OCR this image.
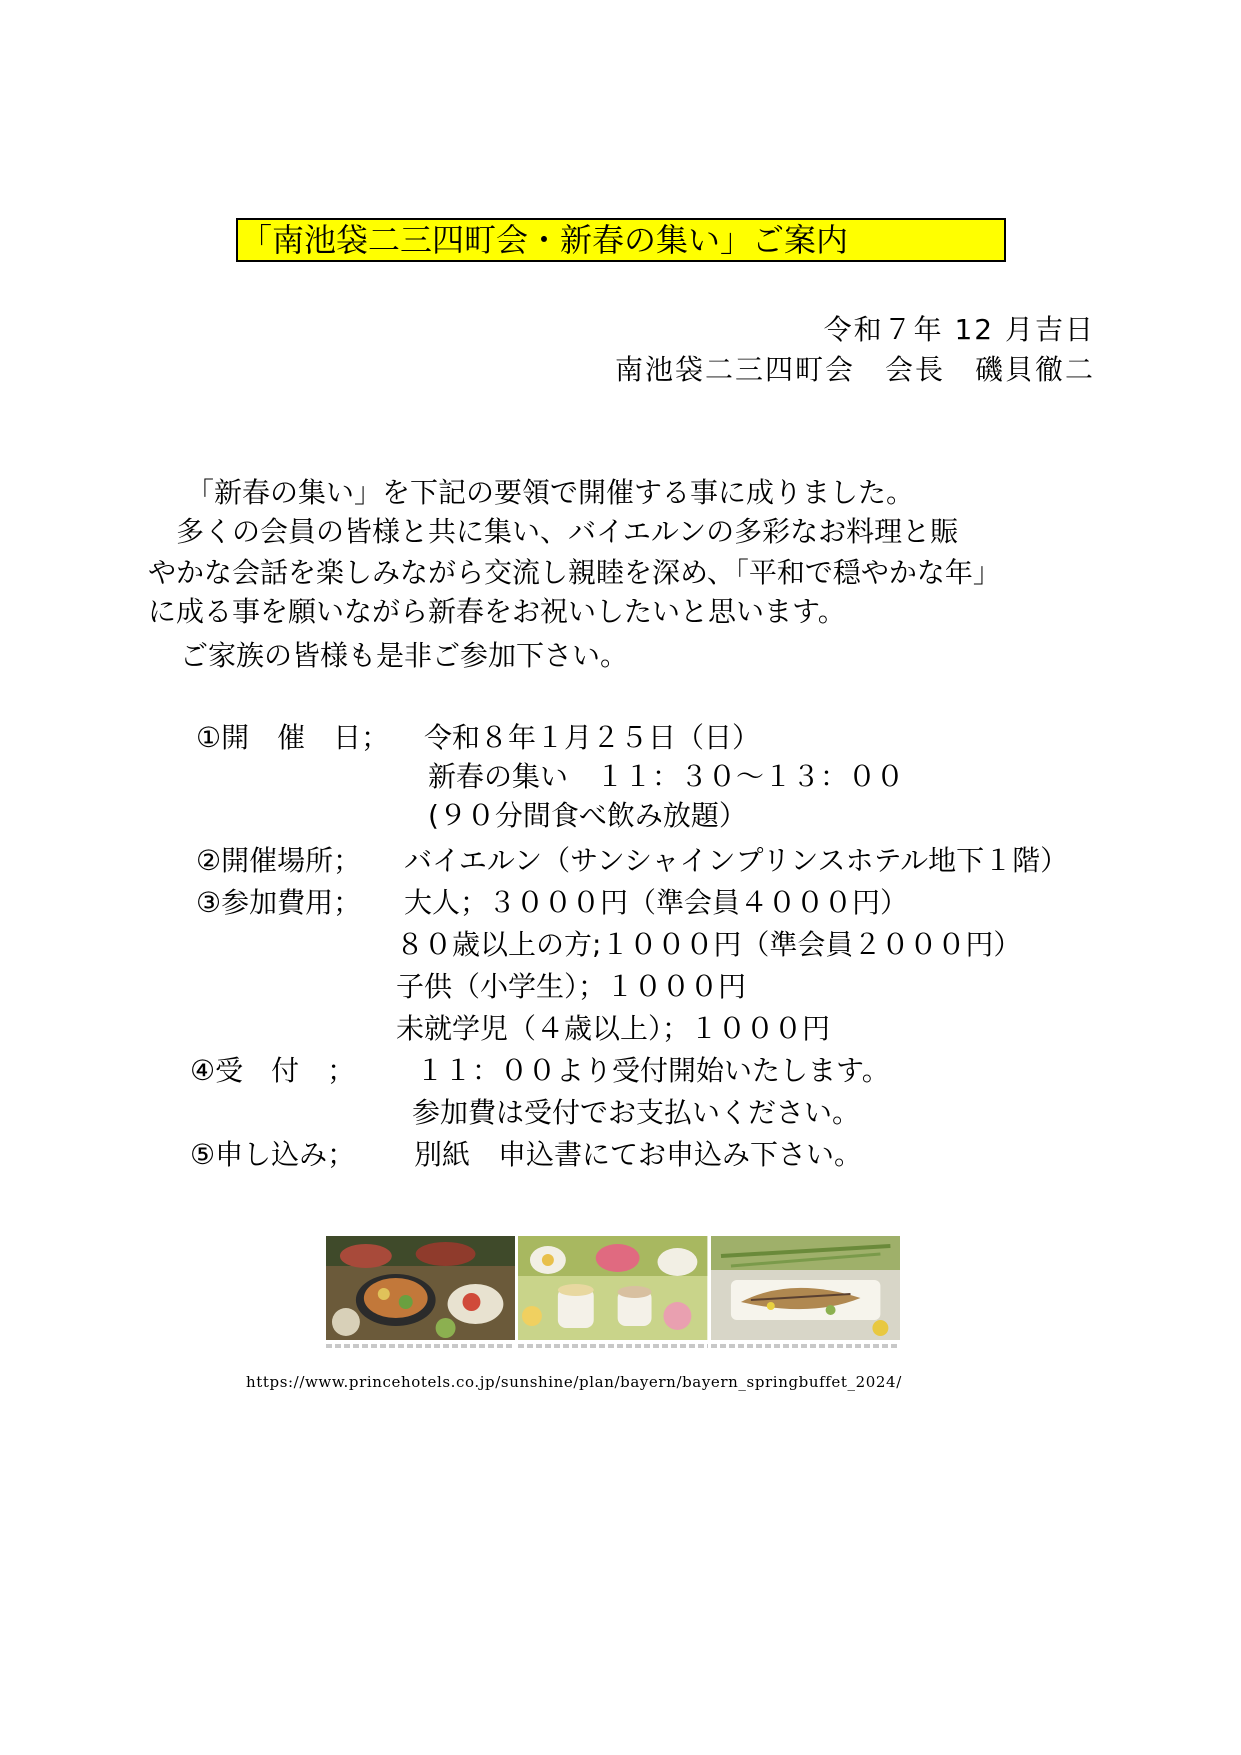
「南池袋二三四町会・新春の集い」ご案内
令和７年 12 月吉日
南池袋二三四町会　会長　磯貝徹二
「新春の集い」を下記の要領で開催する事に成りました。
多くの会員の皆様と共に集い、バイエルンの多彩なお料理と賑
やかな会話を楽しみながら交流し親睦を深め、「平和で穏やかな年」
に成る事を願いながら新春をお祝いしたいと思います。
ご家族の皆様も是非ご参加下さい。
①開　催　日； 令和８年１月２５日（日）
新春の集い　１１：３０〜１３：００
(９０分間食べ飲み放題）
②開催場所； バイエルン（サンシャインプリンスホテル地下１階）
③参加費用； 大人；３０００円（準会員４０００円）
８０歳以上の方;１０００円（準会員２０００円）
子供（小学生）；１０００円
未就学児（４歳以上）；１０００円
④受　付　； １１：００より受付開始いたします。
参加費は受付でお支払いください。
⑤申し込み； 別紙　申込書にてお申込み下さい。
https://www.princehotels.co.jp/sunshine/plan/bayern/bayern_springbuffet_2024/
